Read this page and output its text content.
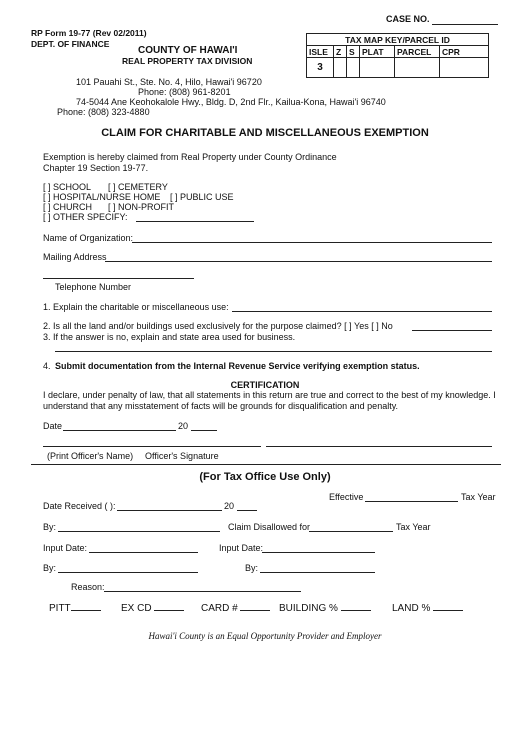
CASE NO.
RP Form 19-77 (Rev 02/2011)
DEPT. OF FINANCE
COUNTY OF HAWAI'I
REAL PROPERTY TAX DIVISION
TAX MAP KEY/PARCEL ID					
ISLE	Z	S	PLAT	PARCEL	CPR
3					
101 Pauahi St., Ste. No. 4, Hilo, Hawai'i 96720
Phone: (808) 961-8201
74-5044 Ane Keohokalole Hwy., Bldg. D, 2nd Flr., Kailua-Kona, Hawai'i 96740
Phone: (808) 323-4880
CLAIM FOR CHARITABLE AND MISCELLANEOUS EXEMPTION
Exemption is hereby claimed from Real Property under County Ordinance
Chapter 19 Section 19-77.
[ ] SCHOOL [ ] CEMETERY
[ ] HOSPITAL/NURSE HOME [ ] PUBLIC USE
[ ] CHURCH [ ] NON-PROFIT
[ ] OTHER SPECIFY:
Name of Organization:
Mailing Address
Telephone Number
1. Explain the charitable or miscellaneous use:
2. Is all the land and/or buildings used exclusively for the purpose claimed? [ ] Yes [ ] No
3. If the answer is no, explain and state area used for business.
4. Submit documentation from the Internal Revenue Service verifying exemption status.
CERTIFICATION
I declare, under penalty of law, that all statements in this return are true and correct to the best of my knowledge. I
understand that any misstatement of facts will be grounds for disqualification and penalty.
Date	20
(Print Officer's Name) Officer's Signature
(For Tax Office Use Only)
Effective	Tax Year
Date Received ( ):	20
By:	Claim Disallowed for	Tax Year
Input Date:	Input Date:
By:	By:
Reason:
PITT	EX CD	CARD #	BUILDING %	LAND %
Hawai'i County is an Equal Opportunity Provider and Employer
